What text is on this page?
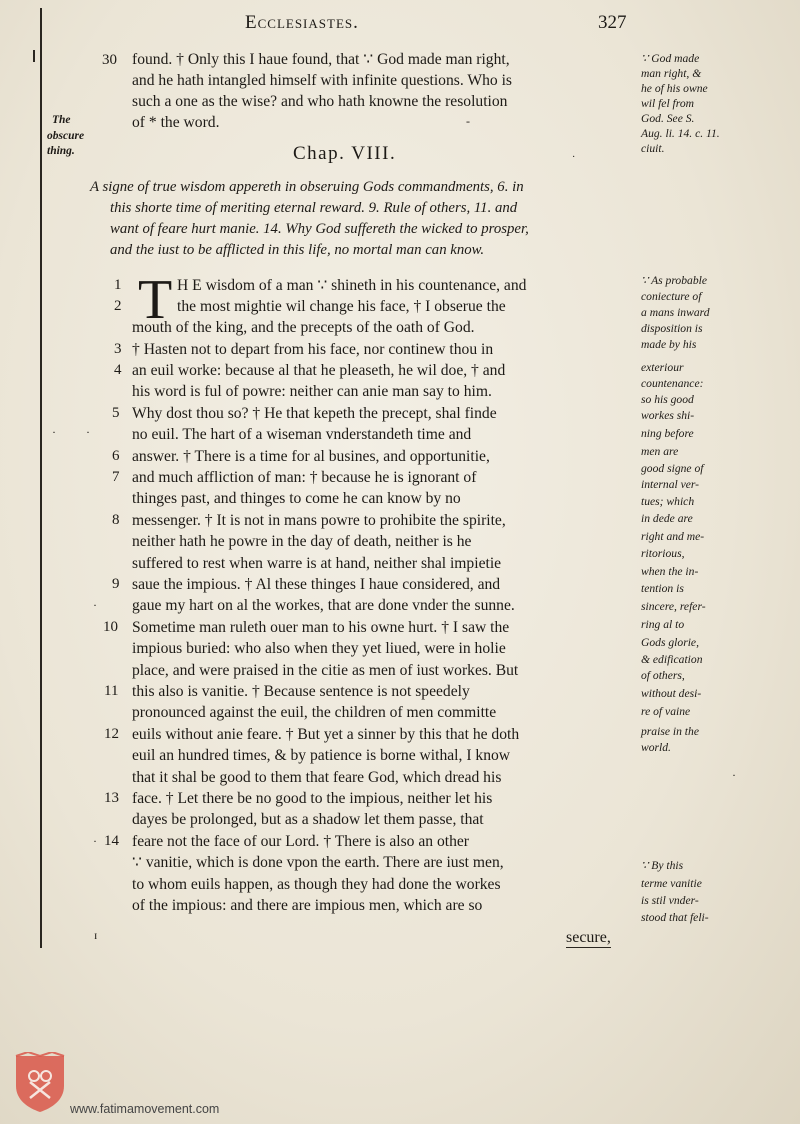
Ecclesiastes.	327
30 found. † Only this I haue found, that ∵ God made man right,
and he hath intangled himself with infinite questions. Who is
such a one as the wise? and who hath knowne the resolution
of * the word.
The
obscure
thing.
∵ God made
man right, &
he of his owne
wil fel from
God. See S.
Aug. li. 14. c. 11.
ciuit.
Chap. VIII.	·
A signe of true wisdom appereth in obseruing Gods commandments, 6. in
this shorte time of meriting eternal reward. 9. Rule of others, 11. and
want of feare hurt manie. 14. Why God suffereth the wicked to prosper,
and the iust to be afflicted in this life, no mortal man can know.
T
1
2
3
4
5
6
7
8
9
10
11
12
13
14
H E wisdom of a man ∵ shineth in his countenance, and
the most mightie wil change his face, † I obserue the
mouth of the king, and the precepts of the oath of God.
† Hasten not to depart from his face, nor continew thou in
an euil worke: because al that he pleaseth, he wil doe, † and
his word is ful of powre: neither can anie man say to him.
Why dost thou so? † He that kepeth the precept, shal finde
no euil. The hart of a wiseman vnderstandeth time and
answer. † There is a time for al busines, and opportunitie,
and much affliction of man: † because he is ignorant of
thinges past, and thinges to come he can know by no
messenger. † It is not in mans powre to prohibite the spirite,
neither hath he powre in the day of death, neither is he
suffered to rest when warre is at hand, neither shal impietie
saue the impious. † Al these thinges I haue considered, and
gaue my hart on al the workes, that are done vnder the sunne.
Sometime man ruleth ouer man to his owne hurt. † I saw the
impious buried: who also when they yet liued, were in holie
place, and were praised in the citie as men of iust workes. But
this also is vanitie. † Because sentence is not speedely
pronounced against the euil, the children of men committe
euils without anie feare. † But yet a sinner by this that he doth
euil an hundred times, & by patience is borne withal, I know
that it shal be good to them that feare God, which dread his
face. † Let there be no good to the impious, neither let his
dayes be prolonged, but as a shadow let them passe, that
feare not the face of our Lord. † There is also an other
∵ vanitie, which is done vpon the earth. There are iust men,
to whom euils happen, as though they had done the workes
of the impious: and there are impious men, which are so
∵ As probable
coniecture of
a mans inward
disposition is
made by his
exteriour
countenance:
so his good
workes shi-
ning before
men are
good signe of
internal ver-
tues; which
in dede are
right and me-
ritorious,
when the in-
tention is
sincere, refer-
ring al to
Gods glorie,
& edification
of others,
without desi-
re of vaine
praise in the
world.
∵ By this
terme vanitie
is stil vnder-
stood that feli-
·	·
·
·
ɪ
·
-
secure,
www.fatimamovement.com
